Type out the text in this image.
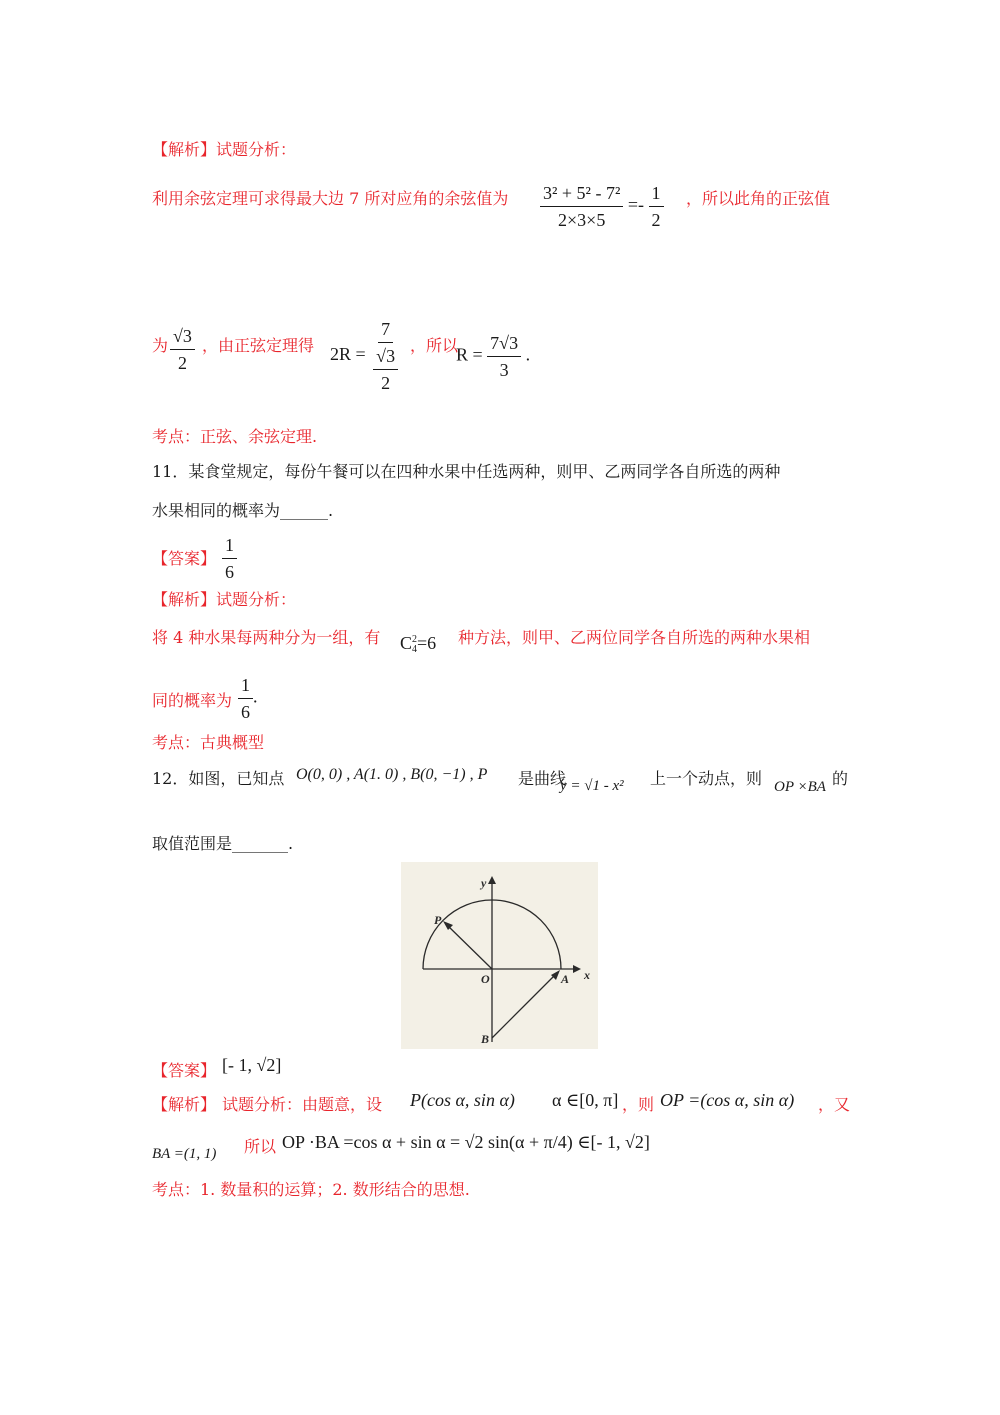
【解析】试题分析：
利用余弦定理可求得最大边 7 所对应角的余弦值为 $\frac{\text{3² + 5² - 7²}}{2\times 3\times 5} =- \frac{1}{2}$ ，所以此角的正弦值
为 $\frac{√3}{2}$ ，由正弦定理得 $2R = \frac{7}{\frac{√3}{2}}$ ，所以
$R = \frac{7√3}{3}$ .
考点：正弦、余弦定理.
11．某食堂规定，每份午餐可以在四种水果中任选两种，则甲、乙两同学各自所选的两种
水果相同的概率为______.
【答案】 $\frac{1}{6}$
【解析】试题分析：
将 4 种水果每两种分为一组，有 C 2
4 =6 种方法，则甲、乙两位同学各自所选的两种水果相
同的概率为 $\frac{1}{6}$ .
考点：古典概型
12．如图，已知点 O(0, 0) , A(1. 0) , B(0, −1) , P 是曲线
y = √1 - x² 上一个动点，则 OP ×BA 的
取值范围是_______.
y
x
P
O	A
B
【答案】 [- 1, √2]
【解析】 试题分析：由题意，设 P(cos α, sin α) α ∈[0, π] ，则 OP =(cos α, sin α) ，又
BA =(1, 1) 所以 OP ·BA =cos α + sin α = √2 sin(α + π/4) ∈[- 1, √2]
考点：1. 数量积的运算；2. 数形结合的思想.
